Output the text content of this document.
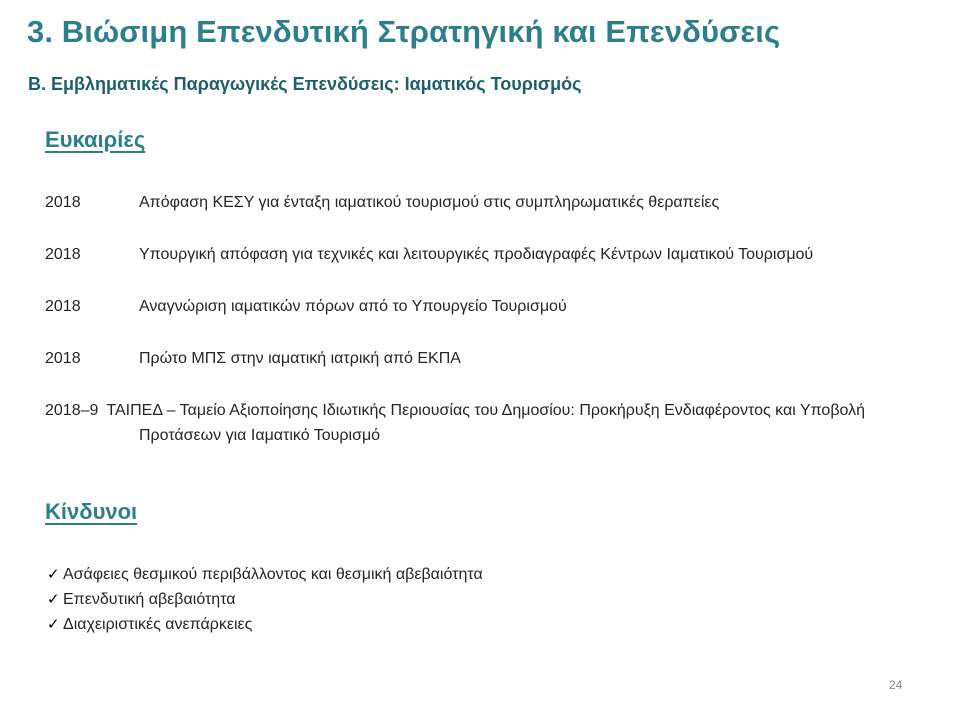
3. Βιώσιμη Επενδυτική Στρατηγική και Επενδύσεις
Β. Εμβληματικές Παραγωγικές Επενδύσεις: Ιαματικός Τουρισμός
Ευκαιρίες
2018	Απόφαση ΚΕΣΥ για ένταξη ιαματικού τουρισμού στις συμπληρωματικές θεραπείες
2018	Υπουργική απόφαση για τεχνικές και λειτουργικές προδιαγραφές Κέντρων Ιαματικού Τουρισμού
2018	Αναγνώριση ιαματικών πόρων από το Υπουργείο Τουρισμού
2018	Πρώτο ΜΠΣ στην ιαματική ιατρική από ΕΚΠΑ
2018–9 ΤΑΙΠΕΔ – Ταμείο Αξιοποίησης Ιδιωτικής Περιουσίας του Δημοσίου: Προκήρυξη Ενδιαφέροντος και Υποβολή Προτάσεων για Ιαματικό Τουρισμό
Κίνδυνοι
✓ Ασάφειες θεσμικού περιβάλλοντος και θεσμική αβεβαιότητα
✓ Επενδυτική αβεβαιότητα
✓ Διαχειριστικές ανεπάρκειες
24
